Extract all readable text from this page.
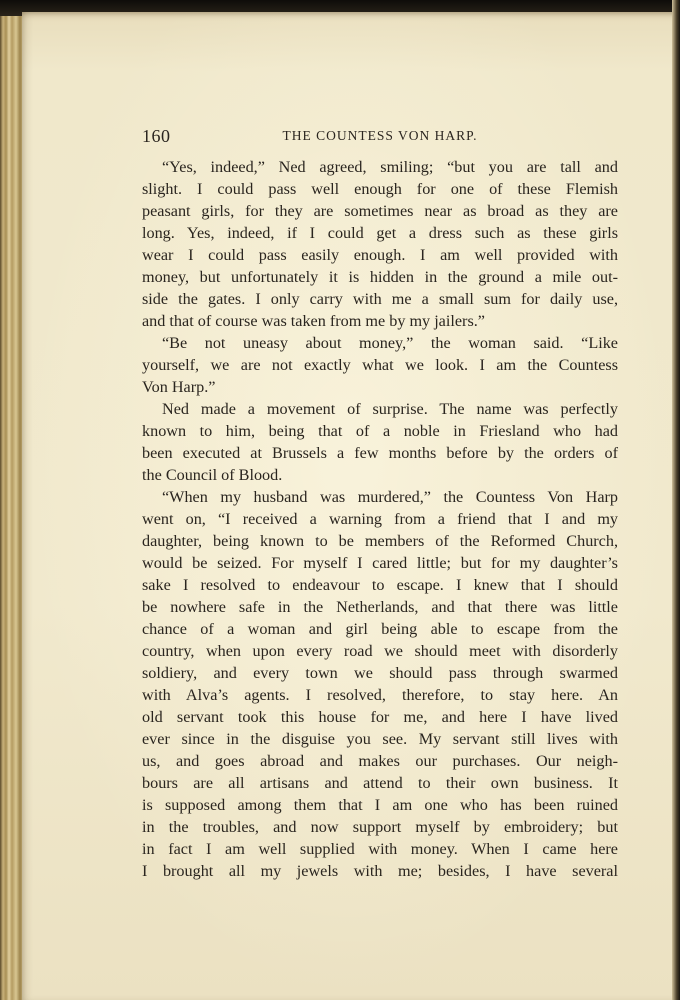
160	THE COUNTESS VON HARP.
“Yes, indeed,” Ned agreed, smiling; “but you are tall and
slight. I could pass well enough for one of these Flemish
peasant girls, for they are sometimes near as broad as they are
long. Yes, indeed, if I could get a dress such as these girls
wear I could pass easily enough. I am well provided with
money, but unfortunately it is hidden in the ground a mile out-
side the gates. I only carry with me a small sum for daily use,
and that of course was taken from me by my jailers.”
“Be not uneasy about money,” the woman said. “Like
yourself, we are not exactly what we look. I am the Countess
Von Harp.”
Ned made a movement of surprise. The name was perfectly
known to him, being that of a noble in Friesland who had
been executed at Brussels a few months before by the orders of
the Council of Blood.
“When my husband was murdered,” the Countess Von Harp
went on, “I received a warning from a friend that I and my
daughter, being known to be members of the Reformed Church,
would be seized. For myself I cared little; but for my daughter’s
sake I resolved to endeavour to escape. I knew that I should
be nowhere safe in the Netherlands, and that there was little
chance of a woman and girl being able to escape from the
country, when upon every road we should meet with disorderly
soldiery, and every town we should pass through swarmed
with Alva’s agents. I resolved, therefore, to stay here. An
old servant took this house for me, and here I have lived
ever since in the disguise you see. My servant still lives with
us, and goes abroad and makes our purchases. Our neigh-
bours are all artisans and attend to their own business. It
is supposed among them that I am one who has been ruined
in the troubles, and now support myself by embroidery; but
in fact I am well supplied with money. When I came here
I brought all my jewels with me; besides, I have several
